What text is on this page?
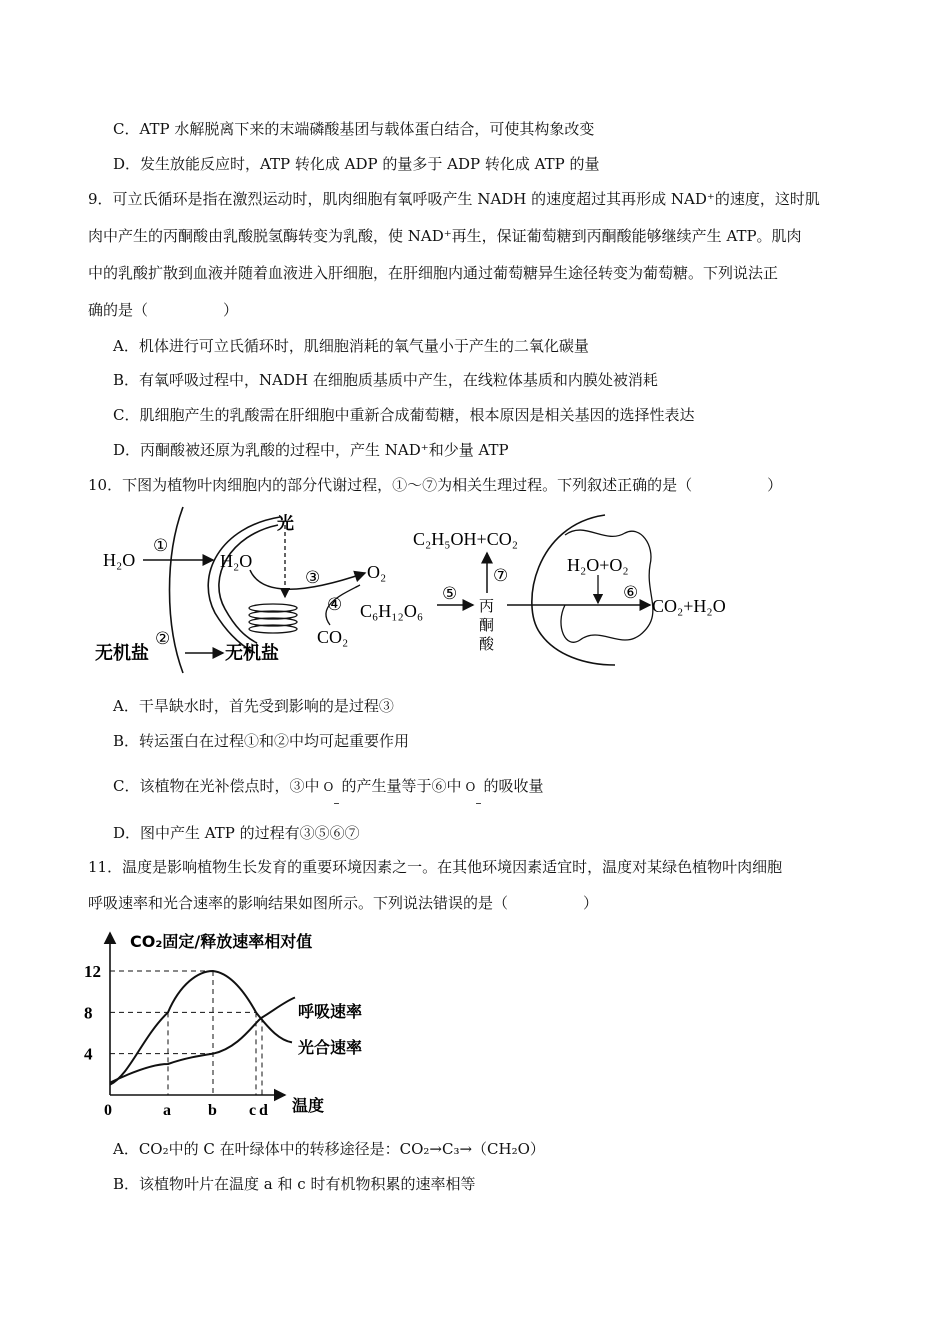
C．ATP 水解脱离下来的末端磷酸基团与载体蛋白结合，可使其构象改变
D．发生放能反应时，ATP 转化成 ADP 的量多于 ADP 转化成 ATP 的量
9．可立氏循环是指在激烈运动时，肌肉细胞有氧呼吸产生 NADH 的速度超过其再形成 NAD⁺的速度，这时肌
肉中产生的丙酮酸由乳酸脱氢酶转变为乳酸，使 NAD⁺再生，保证葡萄糖到丙酮酸能够继续产生 ATP。肌肉
中的乳酸扩散到血液并随着血液进入肝细胞，在肝细胞内通过葡萄糖异生途径转变为葡萄糖。下列说法正
确的是（　　　　　）
A．机体进行可立氏循环时，肌细胞消耗的氧气量小于产生的二氧化碳量
B．有氧呼吸过程中，NADH 在细胞质基质中产生，在线粒体基质和内膜处被消耗
C．肌细胞产生的乳酸需在肝细胞中重新合成葡萄糖，根本原因是相关基因的选择性表达
D．丙酮酸被还原为乳酸的过程中，产生 NAD⁺和少量 ATP
10．下图为植物叶肉细胞内的部分代谢过程，①～⑦为相关生理过程。下列叙述正确的是（　　　　　）
H₂O
①
H₂O
光
③	O₂
④
CO₂
C₆H₁₂O₆
⑤
C₂H₅OH+CO₂
⑦
丙
酮
酸
H₂O+O₂
⑥
CO₂+H₂O
无机盐
②
无机盐
A．干旱缺水时，首先受到影响的是过程③
B．转运蛋白在过程①和②中均可起重要作用
C．该植物在光补偿点时，③中 O
–
的产生量等于⑥中 O
–
的吸收量
D．图中产生 ATP 的过程有③⑤⑥⑦
11．温度是影响植物生长发育的重要环境因素之一。在其他环境因素适宜时，温度对某绿色植物叶肉细胞
呼吸速率和光合速率的影响结果如图所示。下列说法错误的是（　　　　　）
4
8
12
0	a b c d
CO₂固定/释放速率相对值
温度
呼吸速率
光合速率
A．CO₂中的 C 在叶绿体中的转移途径是：CO₂→C₃→（CH₂O）
B．该植物叶片在温度 a 和 c 时有机物积累的速率相等
